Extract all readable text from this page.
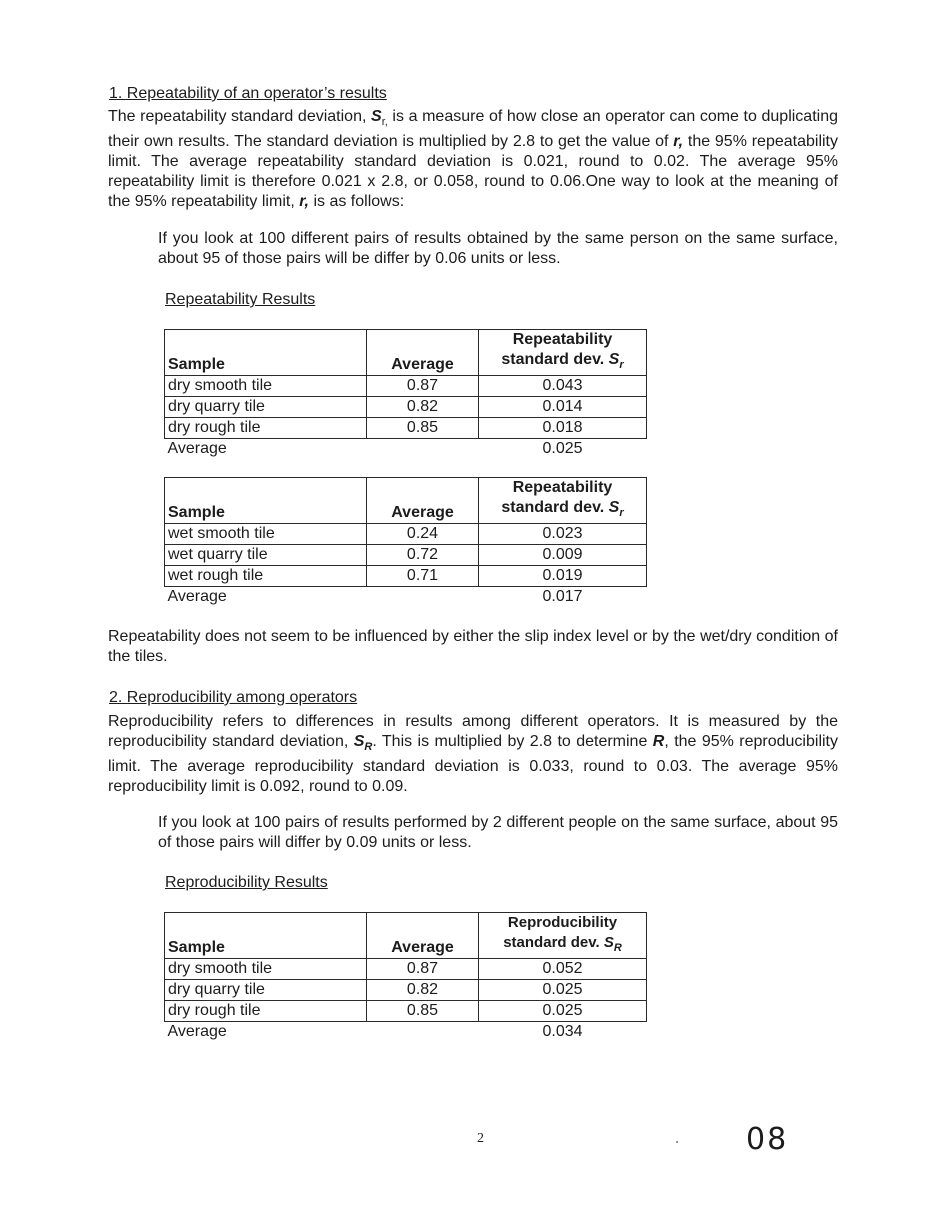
1. Repeatability of an operator’s results

The repeatability standard deviation, $S_{r,}$ is a measure of how close an operator can come to duplicating their own results. The standard deviation is multiplied by 2.8 to get the value of r, the 95% repeatability limit. The average repeatability standard deviation is 0.021, round to 0.02. The average 95% repeatability limit is therefore 0.021 x 2.8, or 0.058, round to 0.06.One way to look at the meaning of the 95% repeatability limit, r, is as follows:

If you look at 100 different pairs of results obtained by the same person on the same surface, about 95 of those pairs will be differ by 0.06 units or less.

Repeatability Results

Sample	Average	Repeatability
standard dev. $S_r$
dry smooth tile	0.87	0.043
dry quarry tile	0.82	0.014
dry rough tile	0.85	0.018
Average		0.025
Sample	Average	Repeatability
standard dev. $S_r$
wet smooth tile	0.24	0.023
wet quarry tile	0.72	0.009
wet rough tile	0.71	0.019
Average		0.017

Repeatability does not seem to be influenced by either the slip index level or by the wet/dry condition of the tiles.

2. Reproducibility among operators

Reproducibility refers to differences in results among different operators. It is measured by the reproducibility standard deviation, $S_R$. This is multiplied by 2.8 to determine R, the 95% reproducibility limit. The average reproducibility standard deviation is 0.033, round to 0.03. The average 95% reproducibility limit is 0.092, round to 0.09.

If you look at 100 pairs of results performed by 2 different people on the same surface, about 95 of those pairs will differ by 0.09 units or less.

Reproducibility Results

Sample	Average	Reproducibility
standard dev. $S_R$
dry smooth tile	0.87	0.052
dry quarry tile	0.82	0.025
dry rough tile	0.85	0.025
Average		0.034
2	08
